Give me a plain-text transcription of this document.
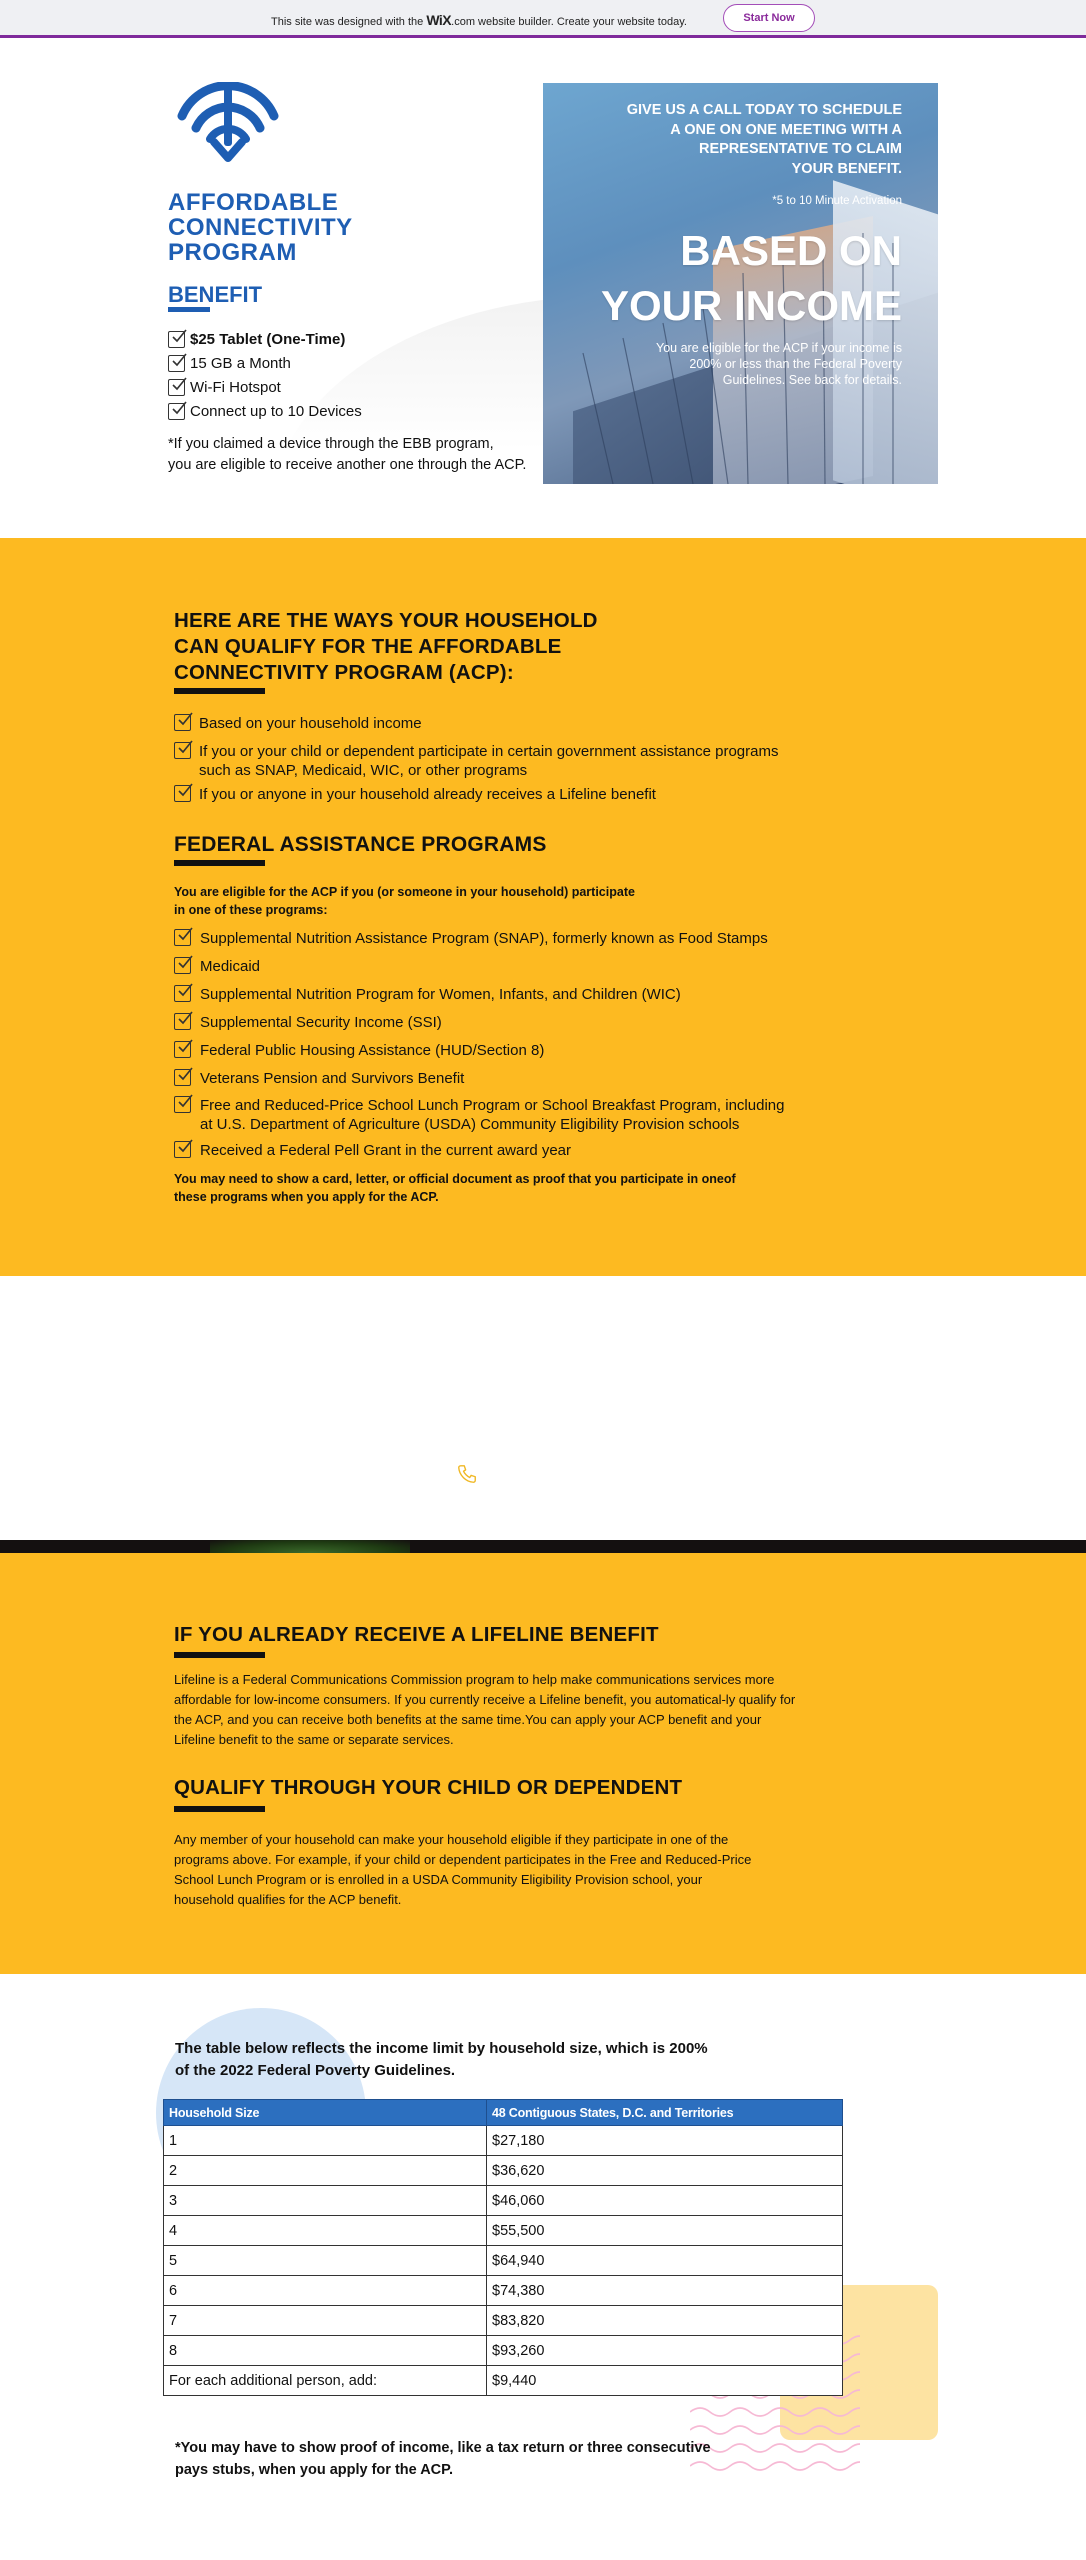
This site was designed with the WiX.com website builder. Create your website today.	Start Now
AFFORDABLE
CONNECTIVITY
PROGRAM
BENEFIT
$25 Tablet (One-Time)
15 GB a Month
Wi-Fi Hotspot
Connect up to 10 Devices
*If you claimed a device through the EBB program,
you are eligible to receive another one through the ACP.
GIVE US A CALL TODAY TO SCHEDULE
A ONE ON ONE MEETING WITH A
REPRESENTATIVE TO CLAIM
YOUR BENEFIT.
*5 to 10 Minute Activation
BASED ON
YOUR INCOME
You are eligible for the ACP if your income is
200% or less than the Federal Poverty
Guidelines. See back for details.
HERE ARE THE WAYS YOUR HOUSEHOLD
CAN QUALIFY FOR THE AFFORDABLE
CONNECTIVITY PROGRAM (ACP):
Based on your household income
If you or your child or dependent participate in certain government assistance programs
such as SNAP, Medicaid, WIC, or other programs
If you or anyone in your household already receives a Lifeline benefit
FEDERAL ASSISTANCE PROGRAMS
You are eligible for the ACP if you (or someone in your household) participate
in one of these programs:
Supplemental Nutrition Assistance Program (SNAP), formerly known as Food Stamps
Medicaid
Supplemental Nutrition Program for Women, Infants, and Children (WIC)
Supplemental Security Income (SSI)
Federal Public Housing Assistance (HUD/Section 8)
Veterans Pension and Survivors Benefit
Free and Reduced-Price School Lunch Program or School Breakfast Program, including
at U.S. Department of Agriculture (USDA) Community Eligibility Provision schools
Received a Federal Pell Grant in the current award year
You may need to show a card, letter, or official document as proof that you participate in oneof
these programs when you apply for the ACP.
IF YOU ALREADY RECEIVE A LIFELINE BENEFIT
Lifeline is a Federal Communications Commission program to help make communications services more
affordable for low-income consumers. If you currently receive a Lifeline benefit, you automatical-ly qualify for
the ACP, and you can receive both benefits at the same time.You can apply your ACP benefit and your
Lifeline benefit to the same or separate services.
QUALIFY THROUGH YOUR CHILD OR DEPENDENT
Any member of your household can make your household eligible if they participate in one of the
programs above. For example, if your child or dependent participates in the Free and Reduced-Price
School Lunch Program or is enrolled in a USDA Community Eligibility Provision school, your
household qualifies for the ACP benefit.
The table below reflects the income limit by household size, which is 200%
of the 2022 Federal Poverty Guidelines.
Household Size	48 Contiguous States, D.C. and Territories
1	$27,180
2	$36,620
3	$46,060
4	$55,500
5	$64,940
6	$74,380
7	$83,820
8	$93,260
For each additional person, add:	$9,440
*You may have to show proof of income, like a tax return or three consecutive
pays stubs, when you apply for the ACP.
